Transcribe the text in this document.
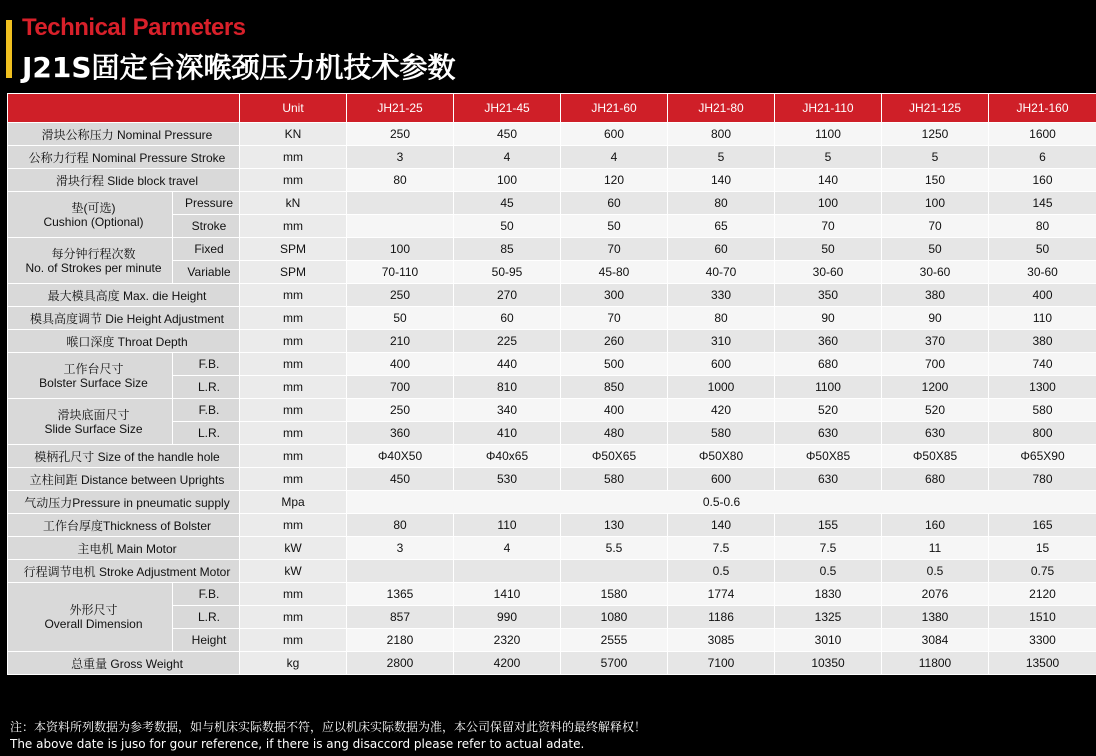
Technical Parmeters
J21S固定台深喉颈压力机技术参数
		Unit	JH21-25	JH21-45	JH21-60	JH21-80	JH21-110	JH21-125	JH21-160
滑块公称压力 Nominal Pressure		KN	250	450	600	800	1100	1250	1600
公称力行程 Nominal Pressure Stroke		mm	3	4	4	5	5	5	6
滑块行程 Slide block travel		mm	80	100	120	140	140	150	160

垫(可选)
Cushion (Optional)	Pressure	kN		45	60	80	100	100	145
	Stroke	mm		50	50	65	70	70	80

每分钟行程次数
No. of Strokes per minute	Fixed	SPM	100	85	70	60	50	50	50
	Variable	SPM	70-110	50-95	45-80	40-70	30-60	30-60	30-60
最大模具高度 Max. die Height		mm	250	270	300	330	350	380	400
模具高度调节 Die Height Adjustment		mm	50	60	70	80	90	90	110
喉口深度 Throat Depth		mm	210	225	260	310	360	370	380

工作台尺寸
Bolster Surface Size	F.B.	mm	400	440	500	600	680	700	740
	L.R.	mm	700	810	850	1000	1100	1200	1300

滑块底面尺寸
Slide Surface Size	F.B.	mm	250	340	400	420	520	520	580
	L.R.	mm	360	410	480	580	630	630	800
模柄孔尺寸 Size of the handle hole		mm	Φ40X50	Φ40x65	Φ50X65	Φ50X80	Φ50X85	Φ50X85	Φ65X90
立柱间距 Distance between Uprights		mm	450	530	580	600	630	680	780
气动压力Pressure in pneumatic supply		Mpa	0.5-0.6						
工作台厚度Thickness of Bolster		mm	80	110	130	140	155	160	165
主电机 Main Motor		kW	3	4	5.5	7.5	7.5	11	15
行程调节电机 Stroke Adjustment Motor		kW				0.5	0.5	0.5	0.75

外形尺寸
Overall Dimension	F.B.	mm	1365	1410	1580	1774	1830	2076	2120
	L.R.	mm	857	990	1080	1186	1325	1380	1510
	Height	mm	2180	2320	2555	3085	3010	3084	3300
总重量 Gross Weight		kg	2800	4200	5700	7100	10350	11800	13500
注：本资料所列数据为参考数据，如与机床实际数据不符，应以机床实际数据为准，本公司保留对此资料的最终解释权！
The above date is juso for gour reference, if there is ang disaccord please refer to actual adate.
